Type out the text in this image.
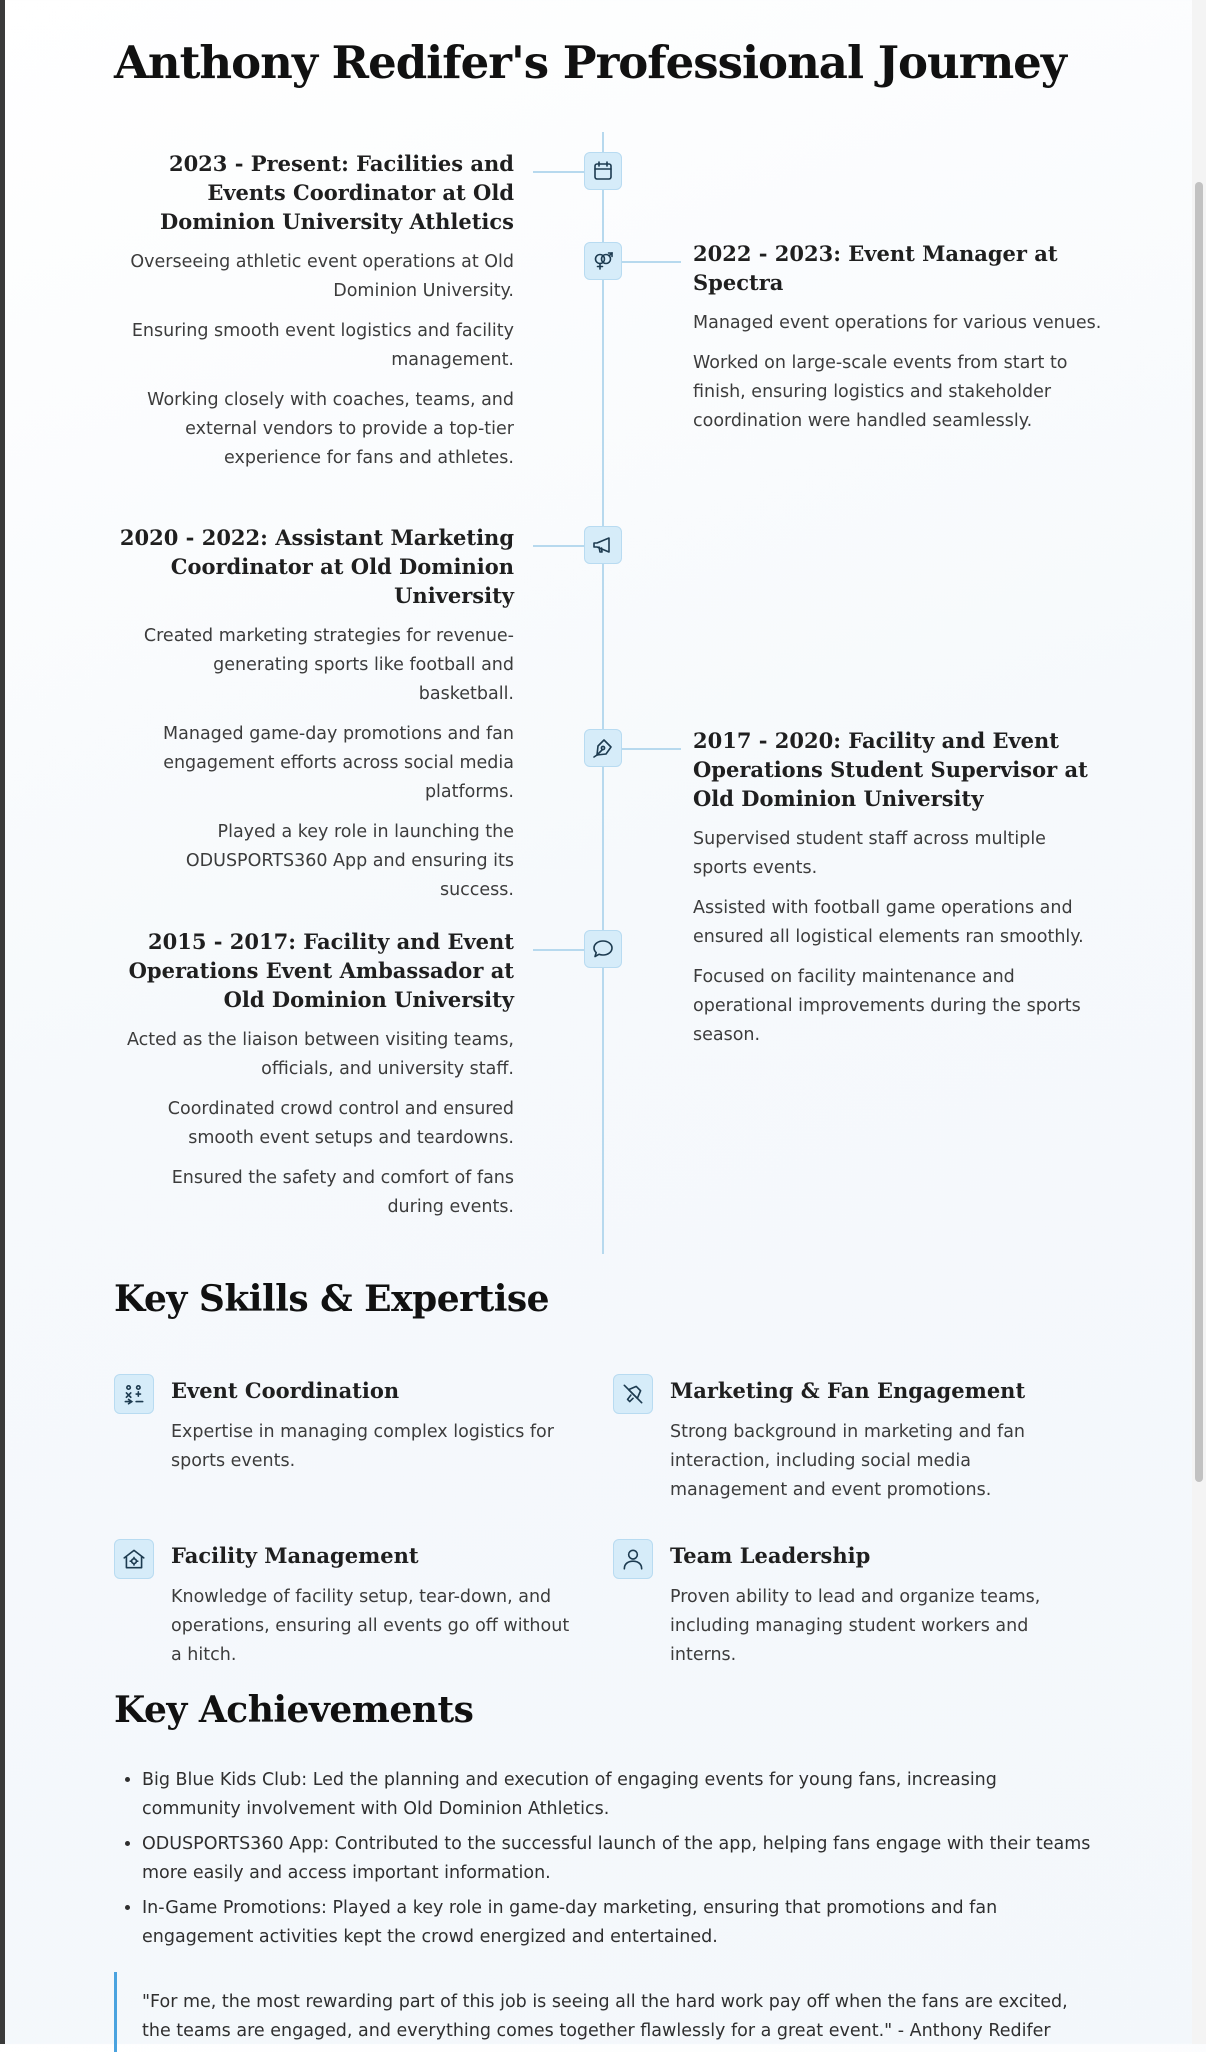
Anthony Redifer's Professional Journey
2023 - Present: Facilities and Events Coordinator at Old Dominion University Athletics

Overseeing athletic event operations at Old Dominion University.

Ensuring smooth event logistics and facility management.

Working closely with coaches, teams, and external vendors to provide a top-tier experience for fans and athletes.

2022 - 2023: Event Manager at Spectra

Managed event operations for various venues.

Worked on large-scale events from start to finish, ensuring logistics and stakeholder coordination were handled seamlessly.

2020 - 2022: Assistant Marketing Coordinator at Old Dominion University

Created marketing strategies for revenue-generating sports like football and basketball.

Managed game-day promotions and fan engagement efforts across social media platforms.

Played a key role in launching the ODUSPORTS360 App and ensuring its success.

2017 - 2020: Facility and Event Operations Student Supervisor at Old Dominion University

Supervised student staff across multiple sports events.

Assisted with football game operations and ensured all logistical elements ran smoothly.

Focused on facility maintenance and operational improvements during the sports season.

2015 - 2017: Facility and Event Operations Event Ambassador at Old Dominion University

Acted as the liaison between visiting teams, officials, and university staff.

Coordinated crowd control and ensured smooth event setups and teardowns.

Ensured the safety and comfort of fans during events.

Key Skills & Expertise
Event Coordination

Expertise in managing complex logistics for sports events.

Marketing & Fan Engagement

Strong background in marketing and fan interaction, including social media management and event promotions.

Facility Management

Knowledge of facility setup, tear-down, and operations, ensuring all events go off without a hitch.

Team Leadership

Proven ability to lead and organize teams, including managing student workers and interns.

Key Achievements
• Big Blue Kids Club: Led the planning and execution of engaging events for young fans, increasing community involvement with Old Dominion Athletics.
• ODUSPORTS360 App: Contributed to the successful launch of the app, helping fans engage with their teams more easily and access important information.
• In-Game Promotions: Played a key role in game-day marketing, ensuring that promotions and fan engagement activities kept the crowd energized and entertained.

"For me, the most rewarding part of this job is seeing all the hard work pay off when the fans are excited, the teams are engaged, and everything comes together flawlessly for a great event." - Anthony Redifer
